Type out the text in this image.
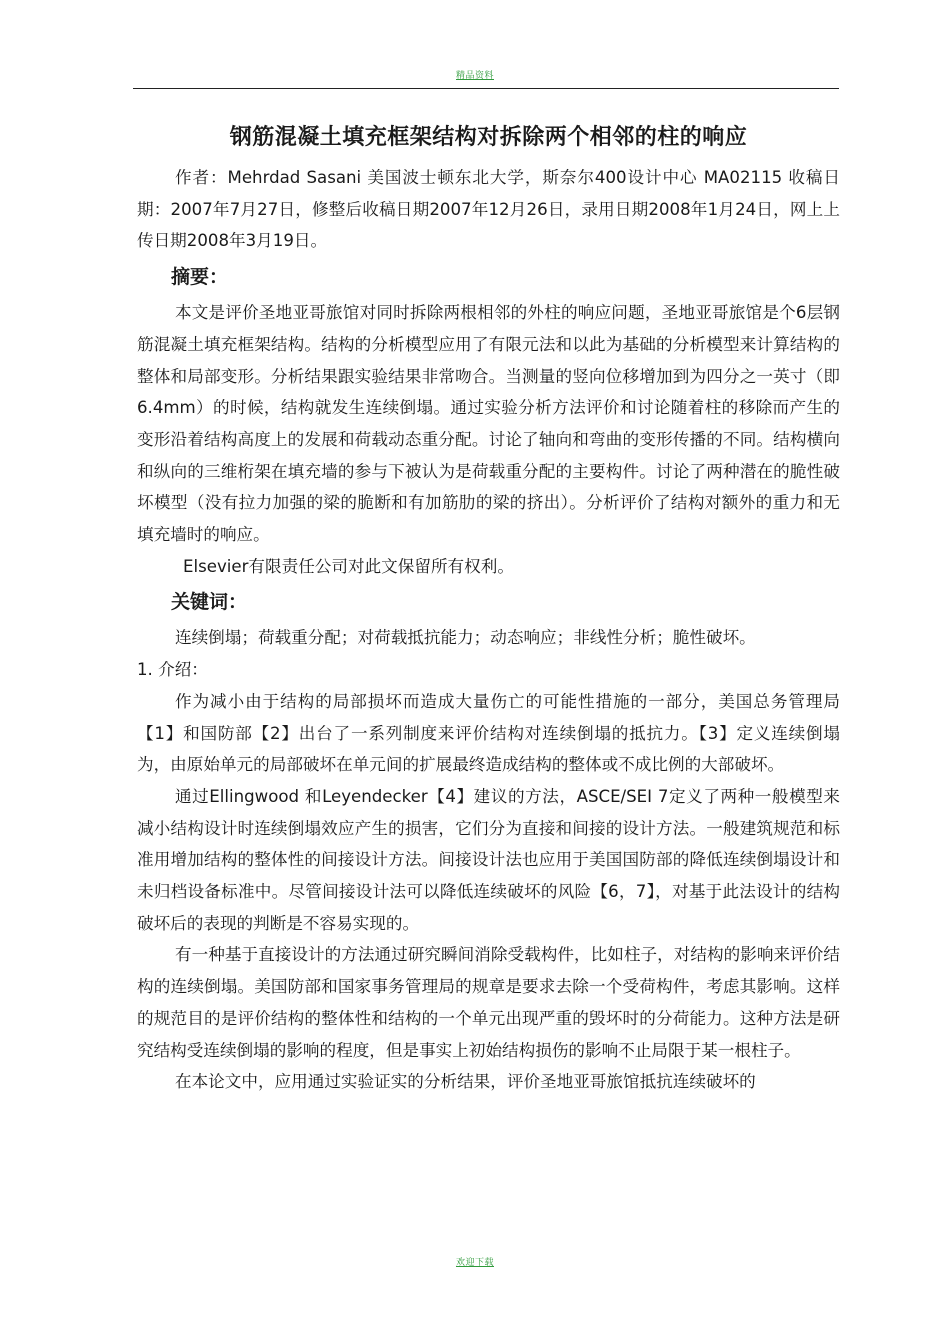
精品资料
钢筋混凝土填充框架结构对拆除两个相邻的柱的响应

作者：Mehrdad Sasani 美国波士顿东北大学，斯奈尔400设计中心 MA02115 收稿日期：2007年7月27日，修整后收稿日期2007年12月26日，录用日期2008年1月24日，网上上传日期2008年3月19日。

摘要：

本文是评价圣地亚哥旅馆对同时拆除两根相邻的外柱的响应问题，圣地亚哥旅馆是个6层钢筋混凝土填充框架结构。结构的分析模型应用了有限元法和以此为基础的分析模型来计算结构的整体和局部变形。分析结果跟实验结果非常吻合。当测量的竖向位移增加到为四分之一英寸（即6.4mm）的时候，结构就发生连续倒塌。通过实验分析方法评价和讨论随着柱的移除而产生的变形沿着结构高度上的发展和荷载动态重分配。讨论了轴向和弯曲的变形传播的不同。结构横向和纵向的三维桁架在填充墙的参与下被认为是荷载重分配的主要构件。讨论了两种潜在的脆性破坏模型（没有拉力加强的梁的脆断和有加筋肋的梁的挤出）。分析评价了结构对额外的重力和无填充墙时的响应。

Elsevier有限责任公司对此文保留所有权利。

关键词：

连续倒塌；荷载重分配；对荷载抵抗能力；动态响应；非线性分析；脆性破坏。

1. 介绍：

作为减小由于结构的局部损坏而造成大量伤亡的可能性措施的一部分，美国总务管理局【1】和国防部【2】出台了一系列制度来评价结构对连续倒塌的抵抗力。【3】定义连续倒塌为，由原始单元的局部破坏在单元间的扩展最终造成结构的整体或不成比例的大部破坏。

通过Ellingwood 和Leyendecker【4】建议的方法，ASCE/SEI 7定义了两种一般模型来减小结构设计时连续倒塌效应产生的损害，它们分为直接和间接的设计方法。一般建筑规范和标准用增加结构的整体性的间接设计方法。间接设计法也应用于美国国防部的降低连续倒塌设计和未归档设备标准中。尽管间接设计法可以降低连续破坏的风险【6，7】，对基于此法设计的结构破坏后的表现的判断是不容易实现的。

有一种基于直接设计的方法通过研究瞬间消除受载构件，比如柱子，对结构的影响来评价结构的连续倒塌。美国防部和国家事务管理局的规章是要求去除一个受荷构件，考虑其影响。这样的规范目的是评价结构的整体性和结构的一个单元出现严重的毁坏时的分荷能力。这种方法是研究结构受连续倒塌的影响的程度，但是事实上初始结构损伤的影响不止局限于某一根柱子。

在本论文中，应用通过实验证实的分析结果，评价圣地亚哥旅馆抵抗连续破坏的

欢迎下载
